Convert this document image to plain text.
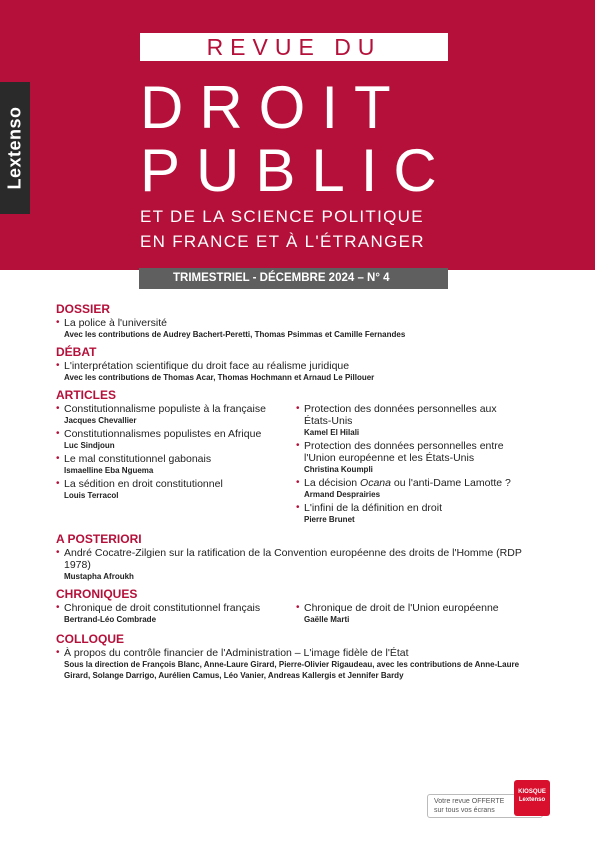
Lextenso
REVUE DU
DROIT
PUBLIC
ET DE LA SCIENCE POLITIQUE
EN FRANCE ET À L'ÉTRANGER
TRIMESTRIEL - DÉCEMBRE 2024 – N° 4
DOSSIER
• La police à l'université
Avec les contributions de Audrey Bachert-Peretti, Thomas Psimmas et Camille Fernandes
DÉBAT
• L'interprétation scientifique du droit face au réalisme juridique
Avec les contributions de Thomas Acar, Thomas Hochmann et Arnaud Le Pillouer
ARTICLES
• Constitutionnalisme populiste à la française
Jacques Chevallier
• Constitutionnalismes populistes en Afrique
Luc Sindjoun
• Le mal constitutionnel gabonais
Ismaelline Eba Nguema
• La sédition en droit constitutionnel
Louis Terracol
• Protection des données personnelles aux États-Unis
Kamel El Hilali
• Protection des données personnelles entre l'Union européenne et les États-Unis
Christina Koumpli
• La décision Ocana ou l'anti-Dame Lamotte ?
Armand Desprairies
• L'infini de la définition en droit
Pierre Brunet
A POSTERIORI
• André Cocatre-Zilgien sur la ratification de la Convention européenne des droits de l'Homme (RDP 1978)
Mustapha Afroukh
CHRONIQUES
• Chronique de droit constitutionnel français
Bertrand-Léo Combrade
• Chronique de droit de l'Union européenne
Gaëlle Marti
COLLOQUE
• À propos du contrôle financier de l'Administration – L'image fidèle de l'État
Sous la direction de François Blanc, Anne-Laure Girard, Pierre-Olivier Rigaudeau, avec les contributions de Anne-Laure Girard, Solange Darrigo, Aurélien Camus, Léo Vanier, Andreas Kallergis et Jennifer Bardy
Votre revue OFFERTE
sur tous vos écrans
KIOSQUE
Lextenso
